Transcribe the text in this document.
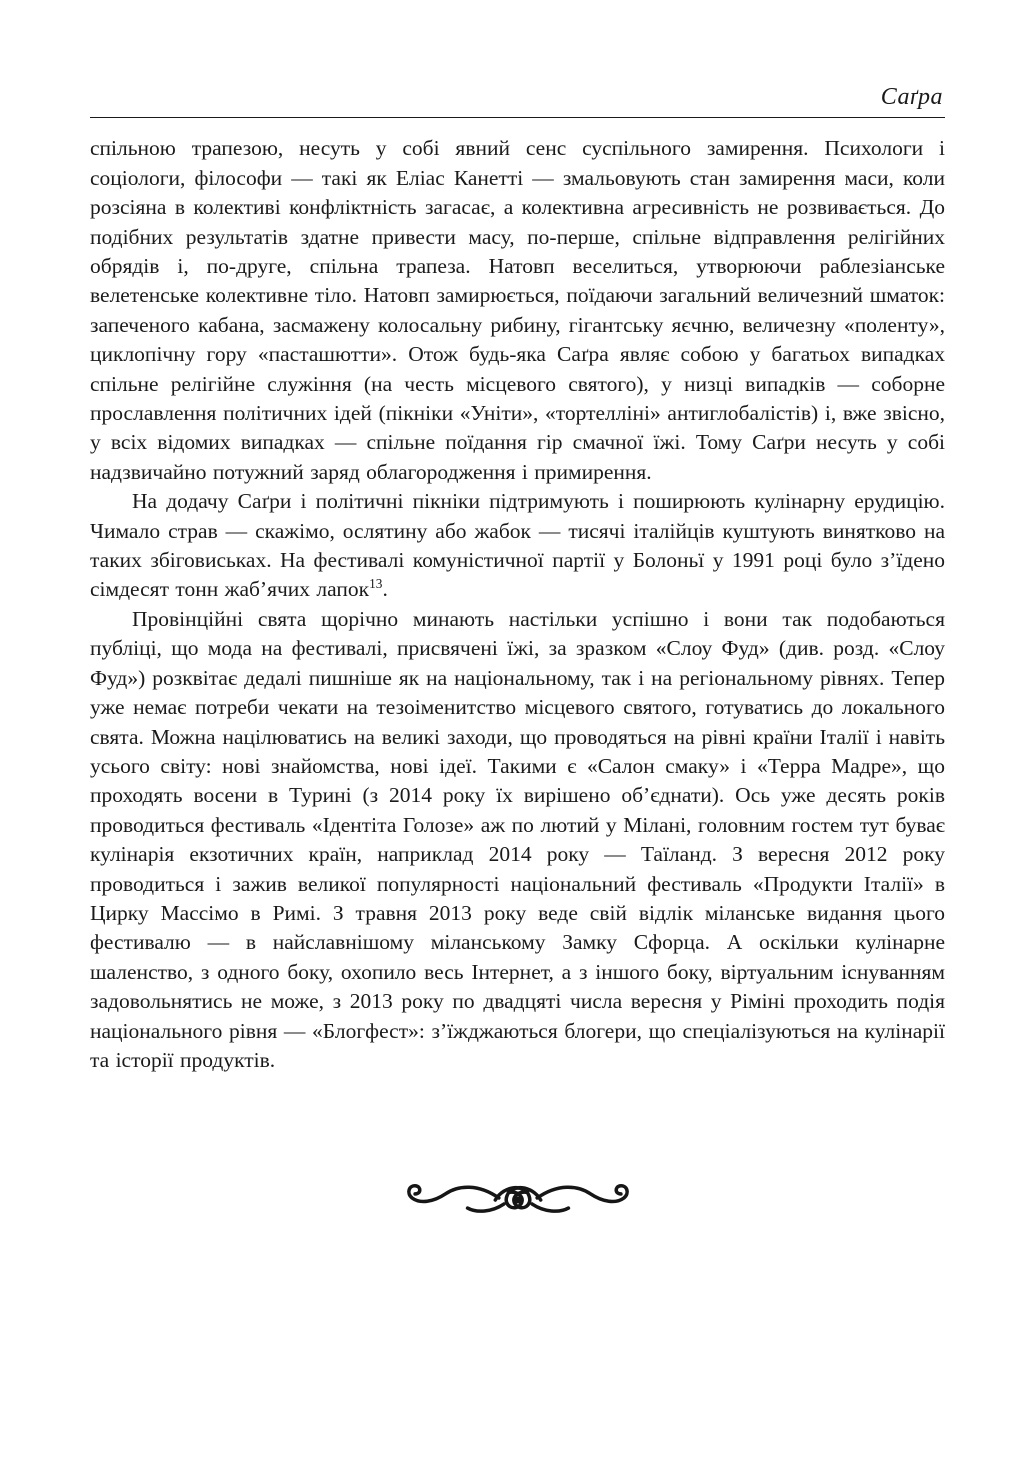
Саґра

спільною трапезою, несуть у собі явний сенс суспільного замирення. Психологи і соціологи, філософи — такі як Еліас Канетті — змальовують стан замирення маси, коли розсіяна в колективі конфліктність загасає, а колективна агресивність не розвивається. До подібних результатів здатне привести масу, по-перше, спільне відправлення релігійних обрядів і, по-друге, спільна трапеза. Натовп веселиться, утворюючи раблезіанське велетенське колективне тіло. Натовп замирюється, поїдаючи загальний величезний шматок: запеченого кабана, засмажену колосальну рибину, гігантську яєчню, величезну «поленту», циклопічну гору «пасташютти». Отож будь-яка Саґра являє собою у багатьох випадках спільне релігійне служіння (на честь місцевого святого), у низці випадків — соборне прославлення політичних ідей (пікніки «Уніти», «тортелліні» антиглобалістів) і, вже звісно, у всіх відомих випадках — спільне поїдання гір смачної їжі. Тому Саґри несуть у собі надзвичайно потужний заряд облагородження і примирення.

На додачу Саґри і політичні пікніки підтримують і поширюють кулінарну ерудицію. Чимало страв — скажімо, ослятину або жабок — тисячі італійців куштують винятково на таких збіговиськах. На фестивалі комуністичної партії у Болоньї у 1991 році було з’їдено сімдесят тонн жаб’ячих лапок$^{13}$.

Провінційні свята щорічно минають настільки успішно і вони так подобаються публіці, що мода на фестивалі, присвячені їжі, за зразком «Слоу Фуд» (див. розд. «Слоу Фуд») розквітає дедалі пишніше як на національному, так і на регіональному рівнях. Тепер уже немає потреби чекати на тезоіменитство місцевого святого, готуватись до локального свята. Можна націлюватись на великі заходи, що проводяться на рівні країни Італії і навіть усього світу: нові знайомства, нові ідеї. Такими є «Салон смаку» і «Терра Мадре», що проходять восени в Турині (з 2014 року їх вирішено об’єднати). Ось уже десять років проводиться фестиваль «Ідентіта Голозе» аж по лютий у Мілані, головним гостем тут буває кулінарія екзотичних країн, наприклад 2014 року — Таїланд. З вересня 2012 року проводиться і зажив великої популярності національний фестиваль «Продукти Італії» в Цирку Массімо в Римі. З травня 2013 року веде свій відлік міланське видання цього фестивалю — в найславнішому міланському Замку Сфорца. А оскільки кулінарне шаленство, з одного боку, охопило весь Інтернет, а з іншого боку, віртуальним існуванням задовольнятись не може, з 2013 року по двадцяті числа вересня у Ріміні проходить подія національного рівня — «Блогфест»: з’їжджаються блогери, що спеціалізуються на кулінарії та історії продуктів.
